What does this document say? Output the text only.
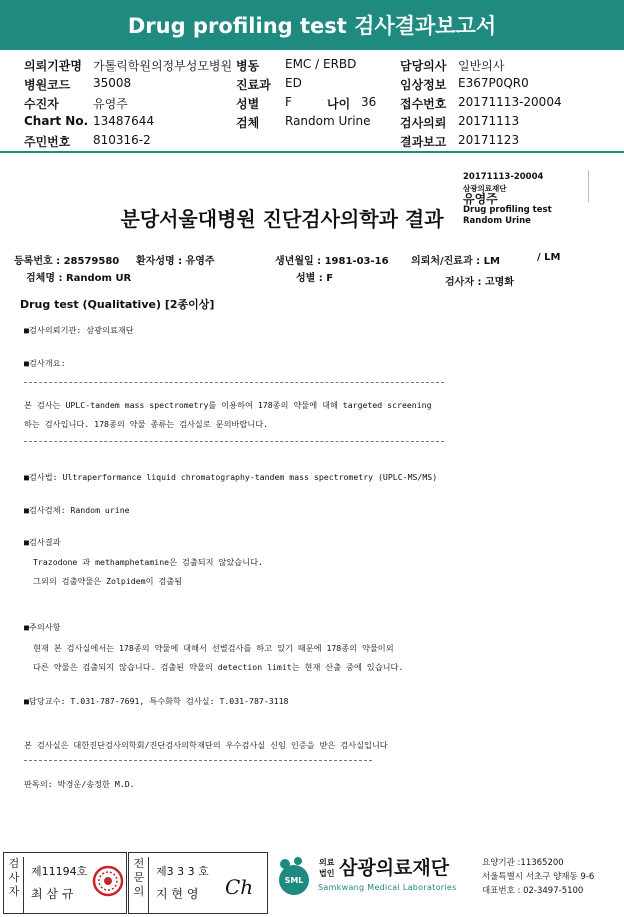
Drug profiling test 검사결과보고서
의뢰기관명 가톨릭학원의정부성모병원 병동 EMC / ERBD	담당의사 일반의사
병원코드 35008	진료과 ED	임상정보 E367P0QR0
수진자	유영주	성별 F	나이 36 접수번호 20171113-20004
Chart No. 13487644	검체 Random Urine 검사의뢰 20171113
주민번호 810316-2	결과보고 20171123
20171113-20004
삼광의료재단
유영주
Drug profiling test
Random Urine
분당서울대병원 진단검사의학과 결과
등록번호 : 28579580 환자성명 : 유영주	생년월일 : 1981-03-16 의뢰처/진료과 : LM	/ LM
검체명 : Random UR	성별 : F	검사자 : 고명화
Drug test (Qualitative) [2종이상]
■검사의뢰기관: 삼광의료재단
■검사개요:
본 검사는 UPLC-tandem mass spectrometry를 이용하여 178종의 약물에 대해 targeted screening
하는 검사입니다. 178종의 약물 종류는 검사실로 문의바랍니다.
■검사법: Ultraperformance liquid chromatography-tandem mass spectrometry (UPLC-MS/MS)
■검사검체: Random urine
■검사결과
Trazodone 과 methamphetamine은 검출되지 않았습니다.
그외의 검출약물은 Zolpidem이 검출됨
■주의사항
현재 본 검사실에서는 178종의 약물에 대해서 선별검사를 하고 있기 때문에 178종의 약물이외
다른 약물은 검출되지 않습니다. 검출된 약물의 detection limit는 현재 산출 중에 있습니다.
■담당교수: T.031-787-7691, 특수화학 검사실: T.031-787-3118
본 검사실은 대한진단검사의학회/진단검사의학재단의 우수검사실 신임 인증을 받은 검사실입니다
판독의: 박경운/송정한 M.D.
검사자
제11194호
최 삼 규
전문의
제3 3 3 호
지 현 영 Ch	SML
의료
법인 삼광의료재단
Samkwang Medical Laboratories
요양기관 :11365200
서울특별시 서초구 양재동 9-6
대표번호 : 02-3497-5100
